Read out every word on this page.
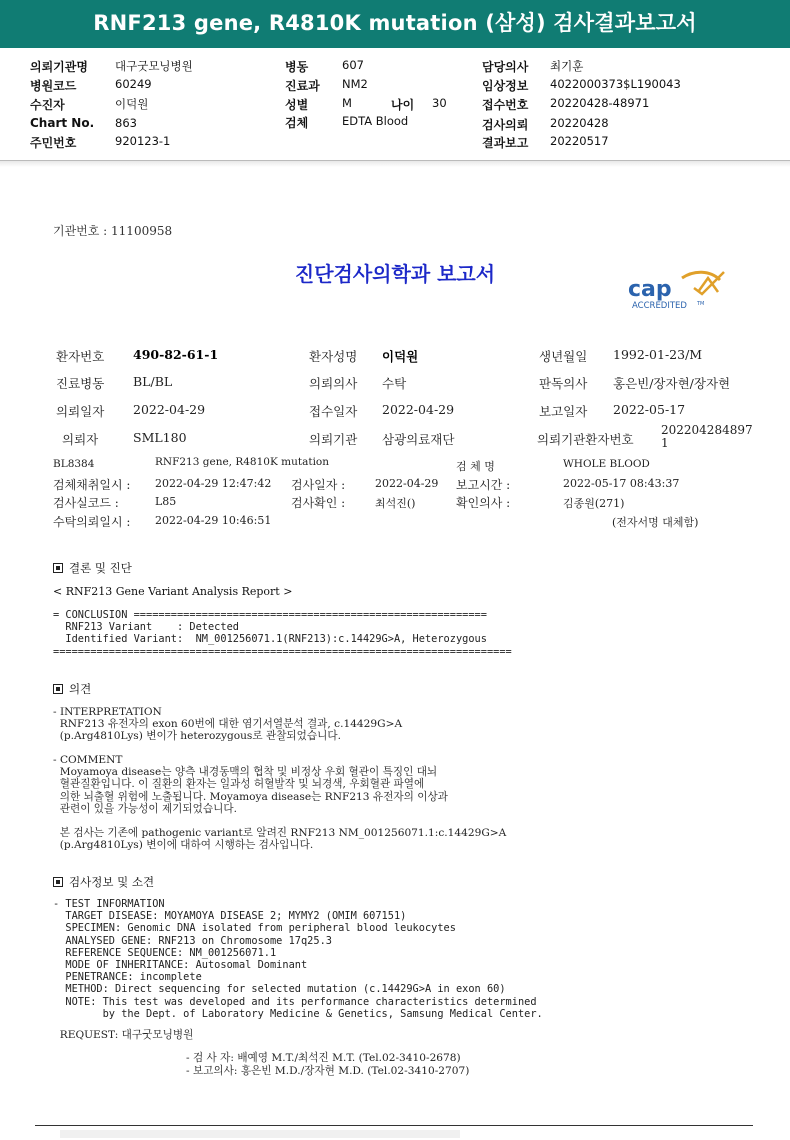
RNF213 gene, R4810K mutation (삼성) 검사결과보고서
의뢰기관명 대구굿모닝병원
병원코드	60249
수진자	이덕원
Chart No. 863
주민번호	920123-1
병동	607
진료과 NM2
성별	M	나이 30
검체	EDTA Blood
담당의사 최기훈
임상정보 4022000373$L190043
접수번호 20220428-48971
검사의뢰 20220428
결과보고 20220517
기관번호 : 11100958
진단검사의학과 보고서
cap
ACCREDITED TM
환자번호 490-82-61-1	환자성명 이덕원	생년월일 1992-01-23/M
진료병동 BL/BL	의뢰의사 수탁	판독의사 홍은빈/장자현/장자현
의뢰일자 2022-04-29	접수일자 2022-04-29	보고일자 2022-05-17
의뢰자	SML180	의뢰기관 삼광의료재단	의뢰기관환자번호
202204284897
1
BL8384	RNF213 gene, R4810K mutation	검 체 명	WHOLE BLOOD
검체채취일시 : 2022-04-29 12:47:42 검사일자 :	2022-04-29 보고시간 :	2022-05-17 08:43:37
검사실코드 :	L85	검사확인 :	최석진()	확인의사 :	김종원(271)
수탁의뢰일시 : 2022-04-29 10:46:51	(전자서명 대체함)
결론 및 진단
< RNF213 Gene Variant Analysis Report >
= CONCLUSION =========================================================
RNF213 Variant    : Detected
Identified Variant:  NM_001256071.1(RNF213):c.14429G>A, Heterozygous
==========================================================================
의견
- INTERPRETATION
RNF213 유전자의 exon 60번에 대한 염기서열분석 결과, c.14429G>A
(p.Arg4810Lys) 변이가 heterozygous로 관찰되었습니다.
- COMMENT
Moyamoya disease는 양측 내경동맥의 협착 및 비정상 우회 혈관이 특징인 대뇌
혈관질환입니다. 이 질환의 환자는 일과성 허혈발작 및 뇌경색, 우회혈관 파열에
의한 뇌출혈 위험에 노출됩니다. Moyamoya disease는 RNF213 유전자의 이상과
관련이 있을 가능성이 제기되었습니다.

본 검사는 기존에 pathogenic variant로 알려진 RNF213 NM_001256071.1:c.14429G>A
(p.Arg4810Lys) 변이에 대하여 시행하는 검사입니다.
검사정보 및 소견
- TEST INFORMATION
TARGET DISEASE: MOYAMOYA DISEASE 2; MYMY2 (OMIM 607151)
SPECIMEN: Genomic DNA isolated from peripheral blood leukocytes
ANALYSED GENE: RNF213 on Chromosome 17q25.3
REFERENCE SEQUENCE: NM_001256071.1
MODE OF INHERITANCE: Autosomal Dominant
PENETRANCE: incomplete
METHOD: Direct sequencing for selected mutation (c.14429G>A in exon 60)
NOTE: This test was developed and its performance characteristics determined
by the Dept. of Laboratory Medicine & Genetics, Samsung Medical Center.
REQUEST: 대구굿모닝병원
- 검 사 자: 배예영 M.T./최석진 M.T. (Tel.02-3410-2678)
- 보고의사: 홍은빈 M.D./장자현 M.D. (Tel.02-3410-2707)
